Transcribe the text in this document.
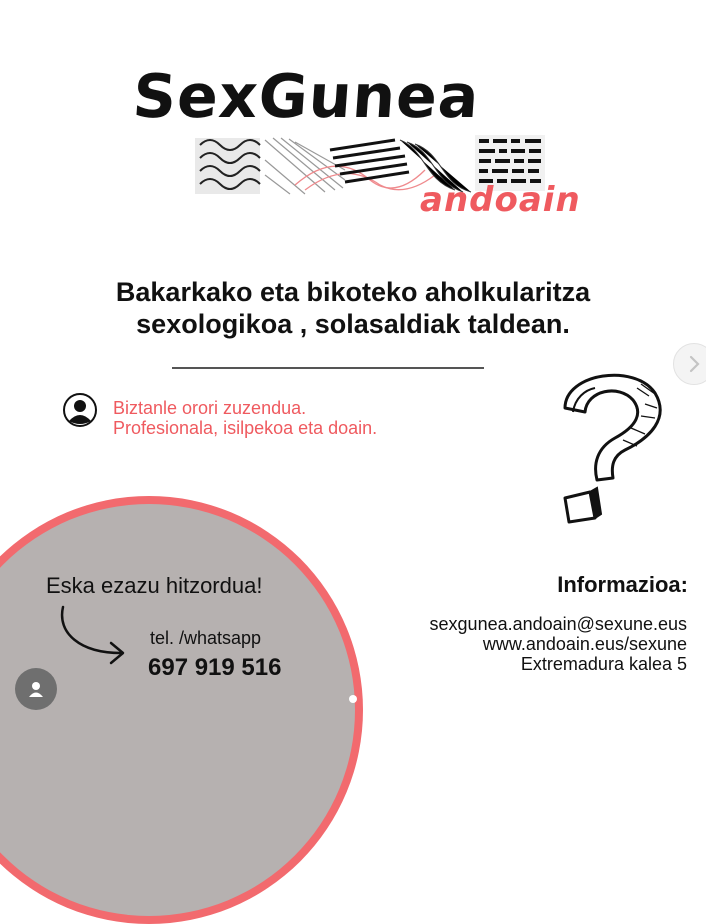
SexGunea
andoain
Bakarkako eta bikoteko aholkularitza
sexologikoa , solasaldiak taldean.
Biztanle orori zuzendua.
Profesionala, isilpekoa eta doain.
Eska ezazu hitzordua!
tel. /whatsapp
697 919 516
Informazioa:
sexgunea.andoain@sexune.eus
www.andoain.eus/sexune
Extremadura kalea 5
